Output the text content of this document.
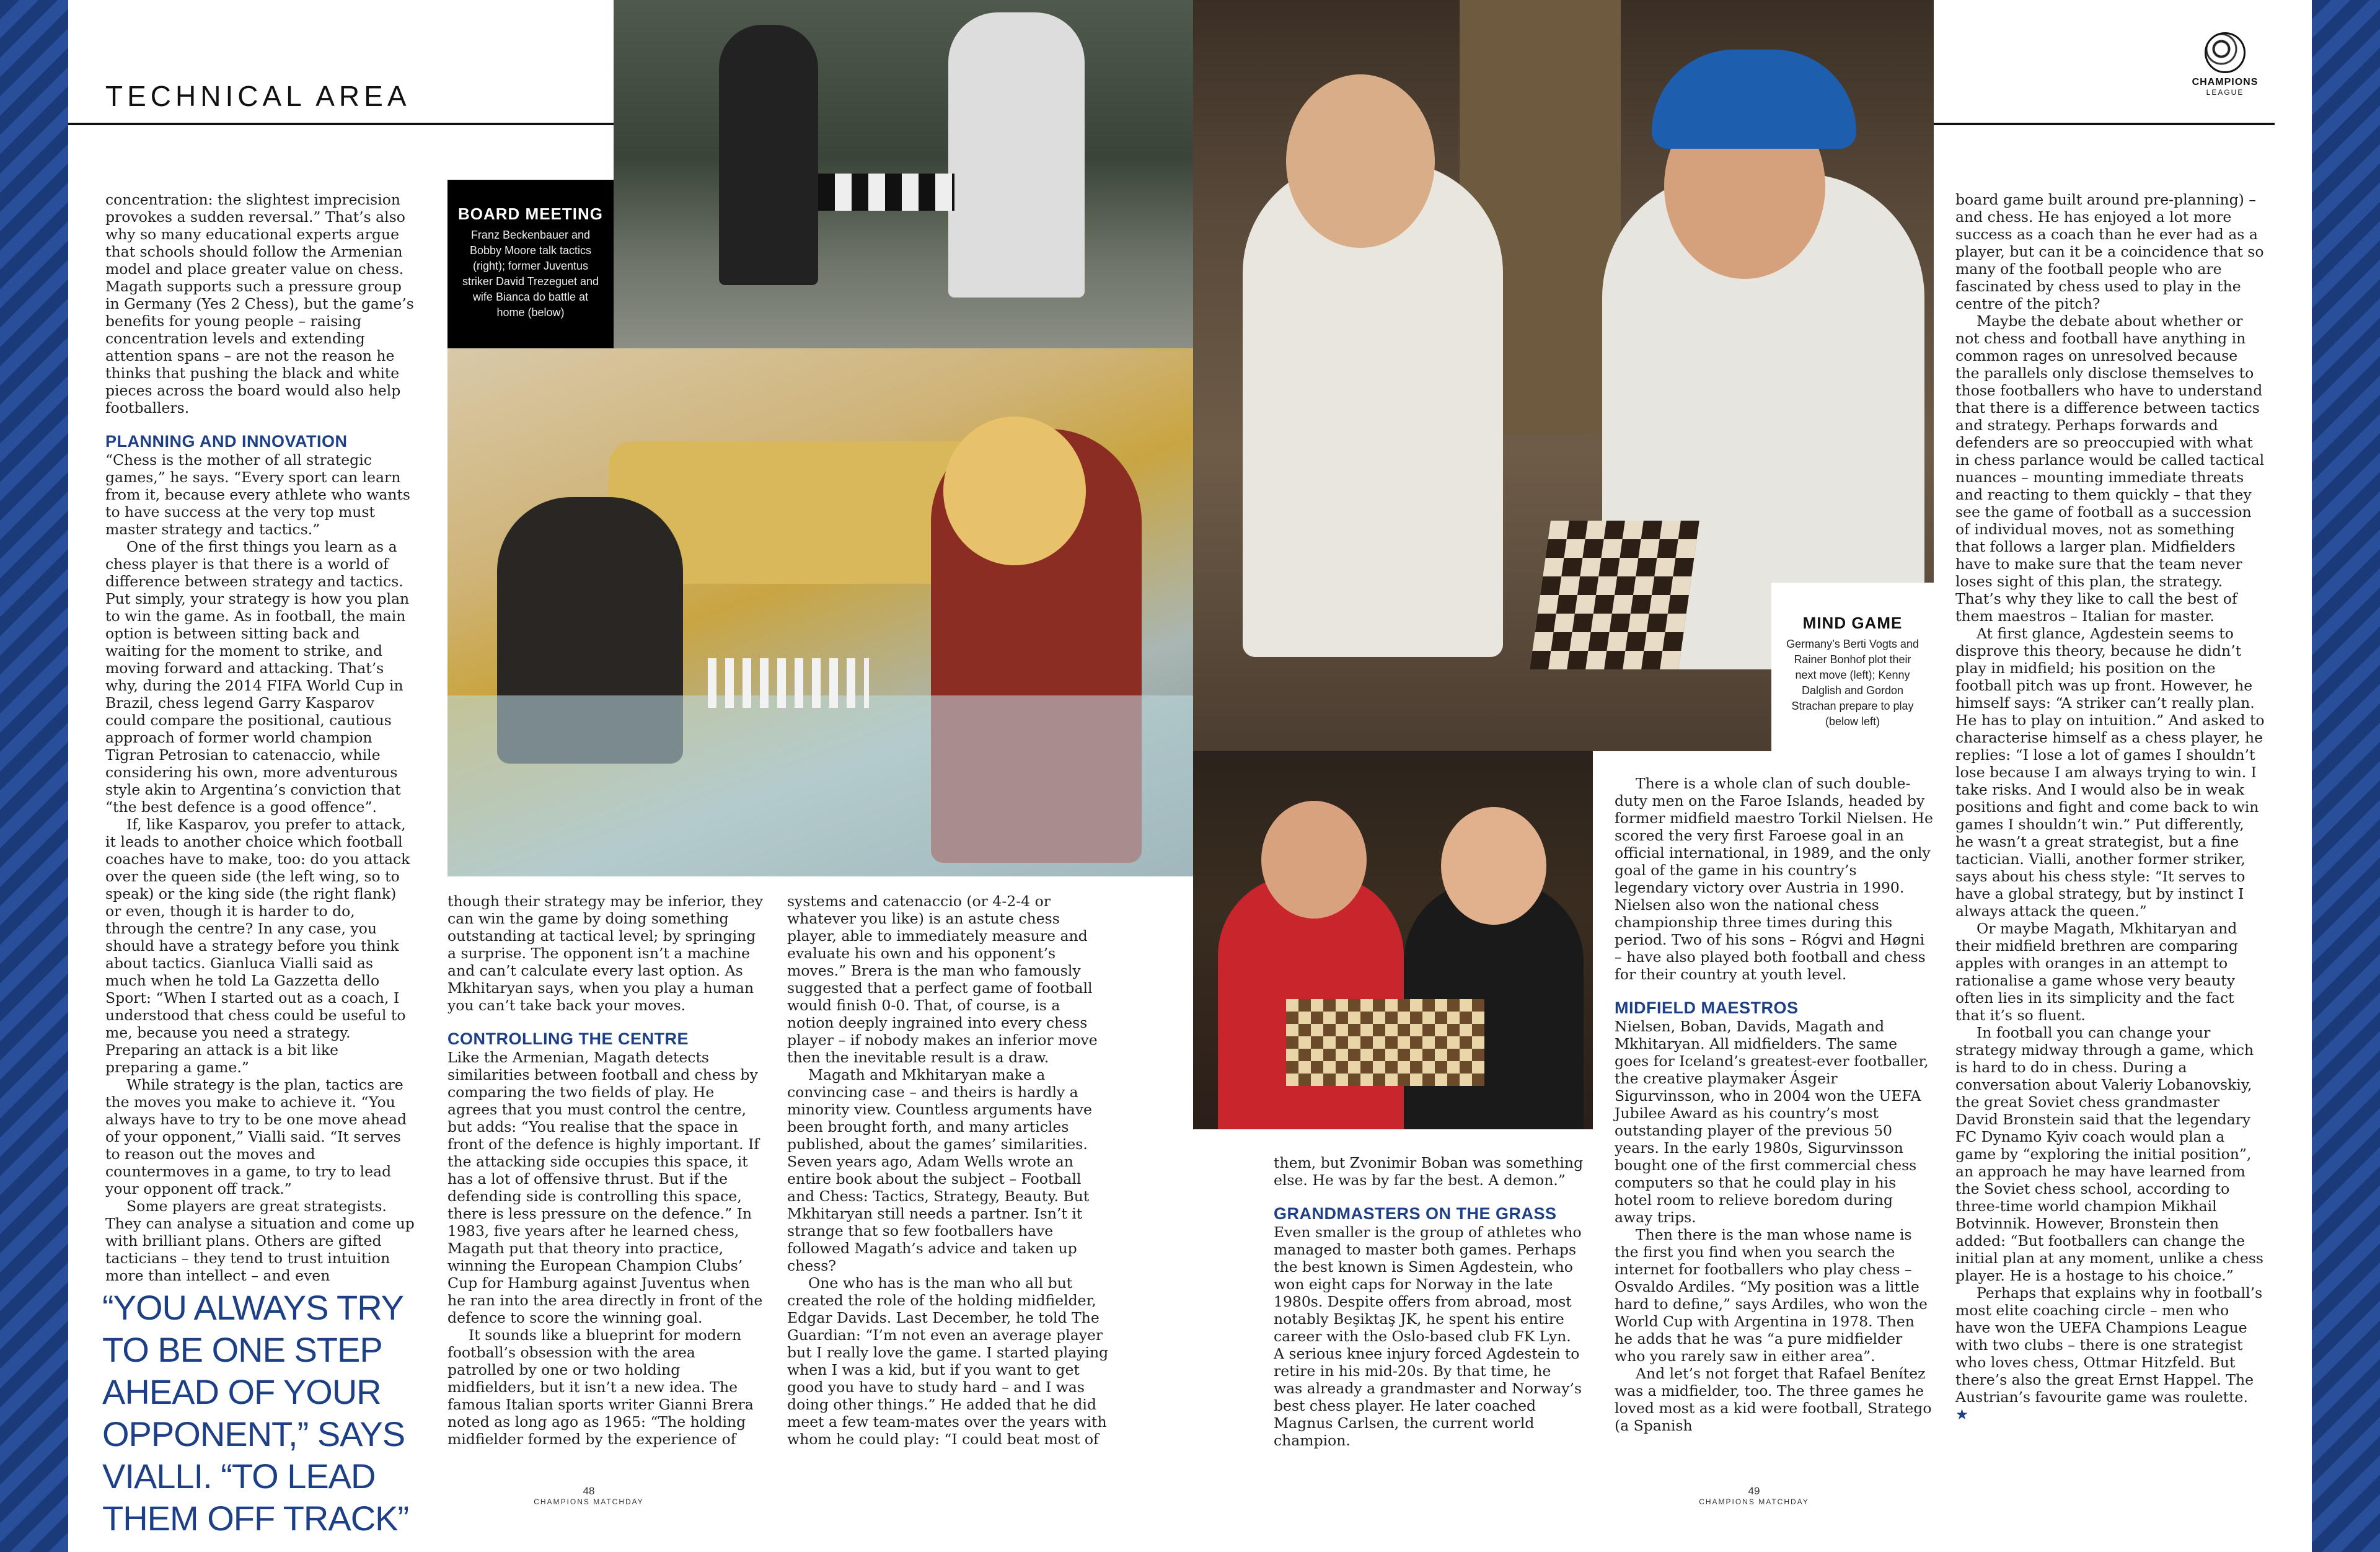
TECHNICAL AREA	CHAMPIONS
LEAGUE
BOARD MEETING
Franz Beckenbauer and Bobby Moore talk tactics (right); former Juventus striker David Trezeguet and wife Bianca do battle at home (below)
MIND GAME
Germany’s Berti Vogts and Rainer Bonhof plot their next move (left); Kenny Dalglish and Gordon Strachan prepare to play (below left)

concentration: the slightest imprecision provokes a sudden reversal.” That’s also why so many educational experts argue that schools should follow the Armenian model and place greater value on chess. Magath supports such a pressure group in Germany (Yes 2 Chess), but the game’s benefits for young people – raising concentration levels and extending attention spans – are not the reason he thinks that pushing the black and white pieces across the board would also help footballers.

PLANNING AND INNOVATION

“Chess is the mother of all strategic games,” he says. “Every sport can learn from it, because every athlete who wants to have success at the very top must master strategy and tactics.”

One of the first things you learn as a chess player is that there is a world of difference between strategy and tactics. Put simply, your strategy is how you plan to win the game. As in football, the main option is between sitting back and waiting for the moment to strike, and moving forward and attacking. That’s why, during the 2014 FIFA World Cup in Brazil, chess legend Garry Kasparov could compare the positional, cautious approach of former world champion Tigran Petrosian to catenaccio, while considering his own, more adventurous style akin to Argentina’s conviction that “the best defence is a good offence”.

If, like Kasparov, you prefer to attack, it leads to another choice which football coaches have to make, too: do you attack over the queen side (the left wing, so to speak) or the king side (the right flank) or even, though it is harder to do, through the centre? In any case, you should have a strategy before you think about tactics. Gianluca Vialli said as much when he told La Gazzetta dello Sport: “When I started out as a coach, I understood that chess could be useful to me, because you need a strategy. Preparing an attack is a bit like preparing a game.”

While strategy is the plan, tactics are the moves you make to achieve it. “You always have to try to be one move ahead of your opponent,” Vialli said. “It serves to reason out the moves and countermoves in a game, to try to lead your opponent off track.”

Some players are great strategists. They can analyse a situation and come up with brilliant plans. Others are gifted tacticians – they tend to trust intuition more than intellect – and even

“YOU ALWAYS TRY TO BE ONE STEP AHEAD OF YOUR OPPONENT,” SAYS VIALLI. “TO LEAD THEM OFF TRACK”

though their strategy may be inferior, they can win the game by doing something outstanding at tactical level; by springing a surprise. The opponent isn’t a machine and can’t calculate every last option. As Mkhitaryan says, when you play a human you can’t take back your moves.

CONTROLLING THE CENTRE

Like the Armenian, Magath detects similarities between football and chess by comparing the two fields of play. He agrees that you must control the centre, but adds: “You realise that the space in front of the defence is highly important. If the attacking side occupies this space, it has a lot of offensive thrust. But if the defending side is controlling this space, there is less pressure on the defence.” In 1983, five years after he learned chess, Magath put that theory into practice, winning the European Champion Clubs’ Cup for Hamburg against Juventus when he ran into the area directly in front of the defence to score the winning goal.

It sounds like a blueprint for modern football’s obsession with the area patrolled by one or two holding midfielders, but it isn’t a new idea. The famous Italian sports writer Gianni Brera noted as long ago as 1965: “The holding midfielder formed by the experience of

systems and catenaccio (or 4-2-4 or whatever you like) is an astute chess player, able to immediately measure and evaluate his own and his opponent’s moves.” Brera is the man who famously suggested that a perfect game of football would finish 0-0. That, of course, is a notion deeply ingrained into every chess player – if nobody makes an inferior move then the inevitable result is a draw.

Magath and Mkhitaryan make a convincing case – and theirs is hardly a minority view. Countless arguments have been brought forth, and many articles published, about the games’ similarities. Seven years ago, Adam Wells wrote an entire book about the subject – Football and Chess: Tactics, Strategy, Beauty. But Mkhitaryan still needs a partner. Isn’t it strange that so few footballers have followed Magath’s advice and taken up chess?

One who has is the man who all but created the role of the holding midfielder, Edgar Davids. Last December, he told The Guardian: “I’m not even an average player but I really love the game. I started playing when I was a kid, but if you want to get good you have to study hard – and I was doing other things.” He added that he did meet a few team-mates over the years with whom he could play: “I could beat most of

them, but Zvonimir Boban was something else. He was by far the best. A demon.”

GRANDMASTERS ON THE GRASS

Even smaller is the group of athletes who managed to master both games. Perhaps the best known is Simen Agdestein, who won eight caps for Norway in the late 1980s. Despite offers from abroad, most notably Beşiktaş JK, he spent his entire career with the Oslo-based club FK Lyn. A serious knee injury forced Agdestein to retire in his mid-20s. By that time, he was already a grandmaster and Norway’s best chess player. He later coached Magnus Carlsen, the current world champion.

There is a whole clan of such double-duty men on the Faroe Islands, headed by former midfield maestro Torkil Nielsen. He scored the very first Faroese goal in an official international, in 1989, and the only goal of the game in his country’s legendary victory over Austria in 1990. Nielsen also won the national chess championship three times during this period. Two of his sons – Rógvi and Høgni – have also played both football and chess for their country at youth level.

MIDFIELD MAESTROS

Nielsen, Boban, Davids, Magath and Mkhitaryan. All midfielders. The same goes for Iceland’s greatest-ever footballer, the creative playmaker Ásgeir Sigurvinsson, who in 2004 won the UEFA Jubilee Award as his country’s most outstanding player of the previous 50 years. In the early 1980s, Sigurvinsson bought one of the first commercial chess computers so that he could play in his hotel room to relieve boredom during away trips.

Then there is the man whose name is the first you find when you search the internet for footballers who play chess – Osvaldo Ardiles. “My position was a little hard to define,” says Ardiles, who won the World Cup with Argentina in 1978. Then he adds that he was “a pure midfielder who you rarely saw in either area”.

And let’s not forget that Rafael Benítez was a midfielder, too. The three games he loved most as a kid were football, Stratego (a Spanish

board game built around pre-planning) – and chess. He has enjoyed a lot more success as a coach than he ever had as a player, but can it be a coincidence that so many of the football people who are fascinated by chess used to play in the centre of the pitch?

Maybe the debate about whether or not chess and football have anything in common rages on unresolved because the parallels only disclose themselves to those footballers who have to understand that there is a difference between tactics and strategy. Perhaps forwards and defenders are so preoccupied with what in chess parlance would be called tactical nuances – mounting immediate threats and reacting to them quickly – that they see the game of football as a succession of individual moves, not as something that follows a larger plan. Midfielders have to make sure that the team never loses sight of this plan, the strategy. That’s why they like to call the best of them maestros – Italian for master.

At first glance, Agdestein seems to disprove this theory, because he didn’t play in midfield; his position on the football pitch was up front. However, he himself says: “A striker can’t really plan. He has to play on intuition.” And asked to characterise himself as a chess player, he replies: “I lose a lot of games I shouldn’t lose because I am always trying to win. I take risks. And I would also be in weak positions and fight and come back to win games I shouldn’t win.” Put differently, he wasn’t a great strategist, but a fine tactician. Vialli, another former striker, says about his chess style: “It serves to have a global strategy, but by instinct I always attack the queen.”

Or maybe Magath, Mkhitaryan and their midfield brethren are comparing apples with oranges in an attempt to rationalise a game whose very beauty often lies in its simplicity and the fact that it’s so fluent.

In football you can change your strategy midway through a game, which is hard to do in chess. During a conversation about Valeriy Lobanovskiy, the great Soviet chess grandmaster David Bronstein said that the legendary FC Dynamo Kyiv coach would plan a game by “exploring the initial position”, an approach he may have learned from the Soviet chess school, according to three-time world champion Mikhail Botvinnik. However, Bronstein then added: “But footballers can change the initial plan at any moment, unlike a chess player. He is a hostage to his choice.”

Perhaps that explains why in football’s most elite coaching circle – men who have won the UEFA Champions League with two clubs – there is one strategist who loves chess, Ottmar Hitzfeld. But there’s also the great Ernst Happel. The Austrian’s favourite game was roulette. ★

48
CHAMPIONS MATCHDAY
49
CHAMPIONS MATCHDAY
